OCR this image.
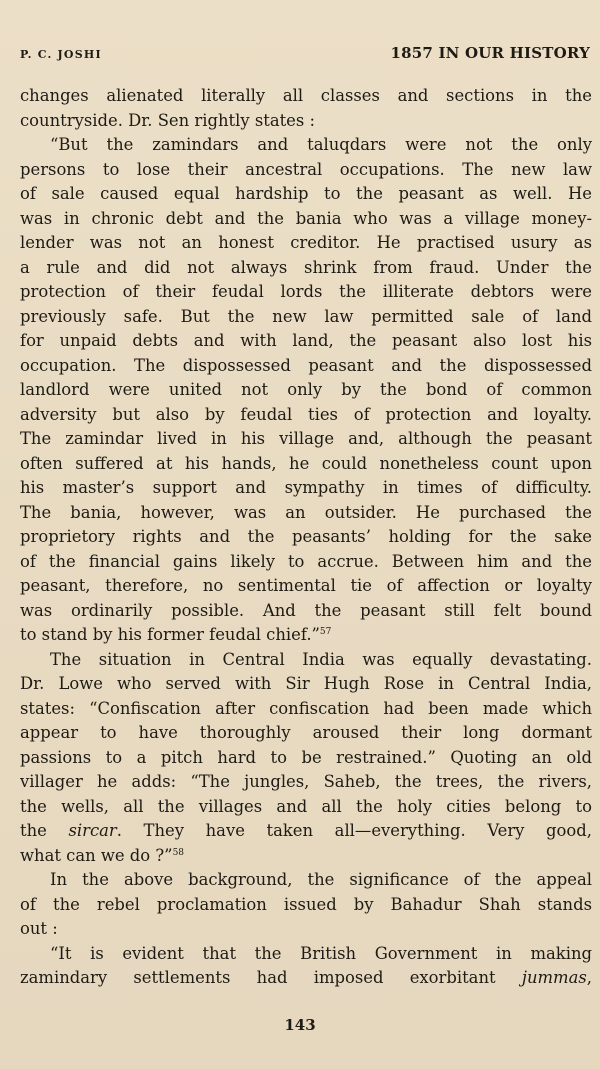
P. C. JOSHI	1857 IN OUR HISTORY
changes alienated literally all classes and sections in the
countryside. Dr. Sen rightly states :
“But the zamindars and taluqdars were not the only
persons to lose their ancestral occupations. The new law
of sale caused equal hardship to the peasant as well. He
was in chronic debt and the bania who was a village money-
lender was not an honest creditor. He practised usury as
a rule and did not always shrink from fraud. Under the
protection of their feudal lords the illiterate debtors were
previously safe. But the new law permitted sale of land
for unpaid debts and with land, the peasant also lost his
occupation. The dispossessed peasant and the dispossessed
landlord were united not only by the bond of common
adversity but also by feudal ties of protection and loyalty.
The zamindar lived in his village and, although the peasant
often suffered at his hands, he could nonetheless count upon
his master’s support and sympathy in times of difficulty.
The bania, however, was an outsider. He purchased the
proprietory rights and the peasants’ holding for the sake
of the financial gains likely to accrue. Between him and the
peasant, therefore, no sentimental tie of affection or loyalty
was ordinarily possible. And the peasant still felt bound
to stand by his former feudal chief.”$^{57}$
The situation in Central India was equally devastating.
Dr. Lowe who served with Sir Hugh Rose in Central India,
states: “Confiscation after confiscation had been made which
appear to have thoroughly aroused their long dormant
passions to a pitch hard to be restrained.” Quoting an old
villager he adds: “The jungles, Saheb, the trees, the rivers,
the wells, all the villages and all the holy cities belong to
the sircar. They have taken all—everything. Very good,
what can we do ?”$^{58}$
In the above background, the significance of the appeal
of the rebel proclamation issued by Bahadur Shah stands
out :
“It is evident that the British Government in making
zamindary settlements had imposed exorbitant jummas,
143
